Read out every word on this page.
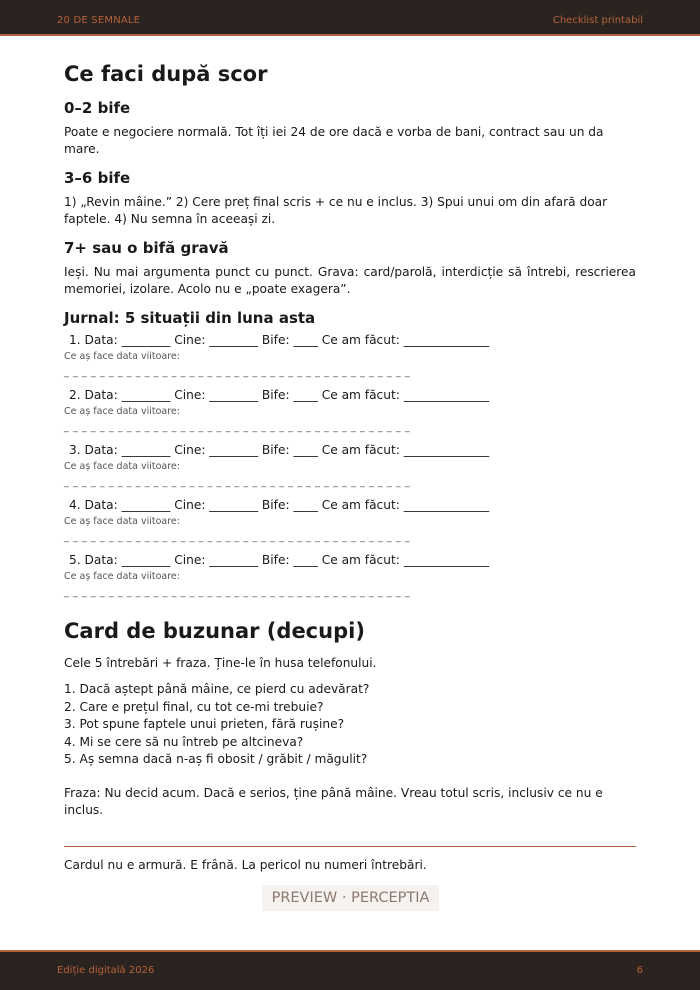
20 DE SEMNALE	Checklist printabil
Ce faci după scor
0–2 bife

Poate e negociere normală. Tot îți iei 24 de ore dacă e vorba de bani, contract sau un da mare.

3–6 bife

1) „Revin mâine.” 2) Cere preț final scris + ce nu e inclus. 3) Spui unui om din afară doar faptele. 4) Nu semna în aceeași zi.

7+ sau o bifă gravă

Ieși. Nu mai argumenta punct cu punct. Grava: card/parolă, interdicție să întrebi, rescrierea memoriei, izolare. Acolo nu e „poate exagera”.

Jurnal: 5 situații din luna asta
1. Data: ________ Cine: ________ Bife: ____ Ce am făcut: ______________
Ce aș face data viitoare:
_ _ _ _ _ _ _ _ _ _ _ _ _ _ _ _ _ _ _ _ _ _ _ _ _ _ _ _ _ _ _ _ _ _ _ _ _ _ _
2. Data: ________ Cine: ________ Bife: ____ Ce am făcut: ______________
Ce aș face data viitoare:
_ _ _ _ _ _ _ _ _ _ _ _ _ _ _ _ _ _ _ _ _ _ _ _ _ _ _ _ _ _ _ _ _ _ _ _ _ _ _
3. Data: ________ Cine: ________ Bife: ____ Ce am făcut: ______________
Ce aș face data viitoare:
_ _ _ _ _ _ _ _ _ _ _ _ _ _ _ _ _ _ _ _ _ _ _ _ _ _ _ _ _ _ _ _ _ _ _ _ _ _ _
4. Data: ________ Cine: ________ Bife: ____ Ce am făcut: ______________
Ce aș face data viitoare:
_ _ _ _ _ _ _ _ _ _ _ _ _ _ _ _ _ _ _ _ _ _ _ _ _ _ _ _ _ _ _ _ _ _ _ _ _ _ _
5. Data: ________ Cine: ________ Bife: ____ Ce am făcut: ______________
Ce aș face data viitoare:
_ _ _ _ _ _ _ _ _ _ _ _ _ _ _ _ _ _ _ _ _ _ _ _ _ _ _ _ _ _ _ _ _ _ _ _ _ _ _
Card de buzunar (decupi)

Cele 5 întrebări + fraza. Ține-le în husa telefonului.

1. Dacă aștept până mâine, ce pierd cu adevărat?
2. Care e prețul final, cu tot ce-mi trebuie?
3. Pot spune faptele unui prieten, fără rușine?
4. Mi se cere să nu întreb pe altcineva?
5. Aș semna dacă n-aș fi obosit / grăbit / măgulit?

Fraza: Nu decid acum. Dacă e serios, ține până mâine. Vreau totul scris, inclusiv ce nu e inclus.

Cardul nu e armură. E frână. La pericol nu numeri întrebări.

PREVIEW · PERCEPTIA
Ediție digitală 2026	6
